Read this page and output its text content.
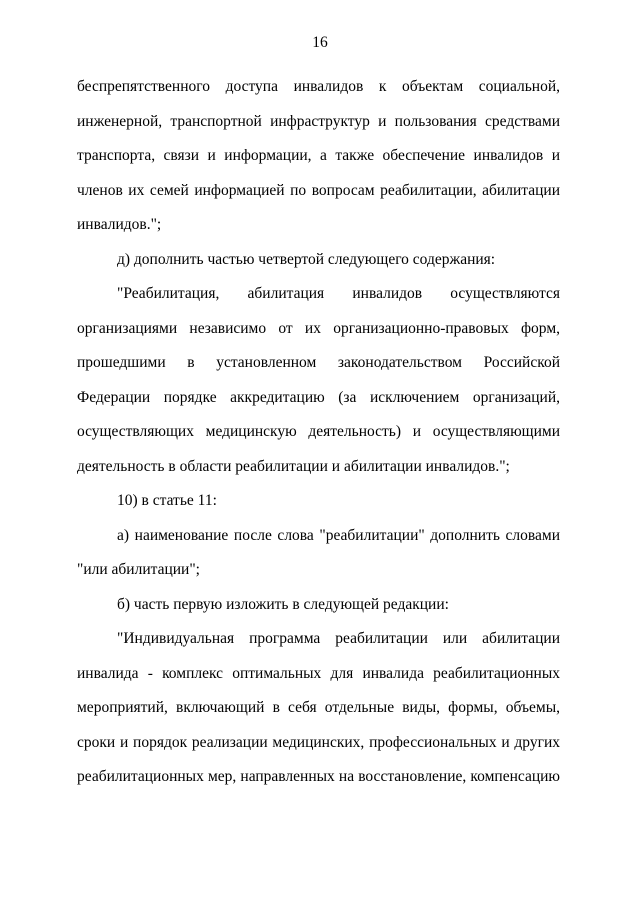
16

беспрепятственного доступа инвалидов к объектам социальной, инженерной, транспортной инфраструктур и пользования средствами транспорта, связи и информации, а также обеспечение инвалидов и членов их семей информацией по вопросам реабилитации, абилитации инвалидов.";

д) дополнить частью четвертой следующего содержания:

"Реабилитация, абилитация инвалидов осуществляются организациями независимо от их организационно-правовых форм, прошедшими в установленном законодательством Российской Федерации порядке аккредитацию (за исключением организаций, осуществляющих медицинскую деятельность) и осуществляющими деятельность в области реабилитации и абилитации инвалидов.";

10) в статье 11:

а) наименование после слова "реабилитации" дополнить словами "или абилитации";

б) часть первую изложить в следующей редакции:

"Индивидуальная программа реабилитации или абилитации инвалида - комплекс оптимальных для инвалида реабилитационных мероприятий, включающий в себя отдельные виды, формы, объемы, сроки и порядок реализации медицинских, профессиональных и других реабилитационных мер, направленных на восстановление, компенсацию
